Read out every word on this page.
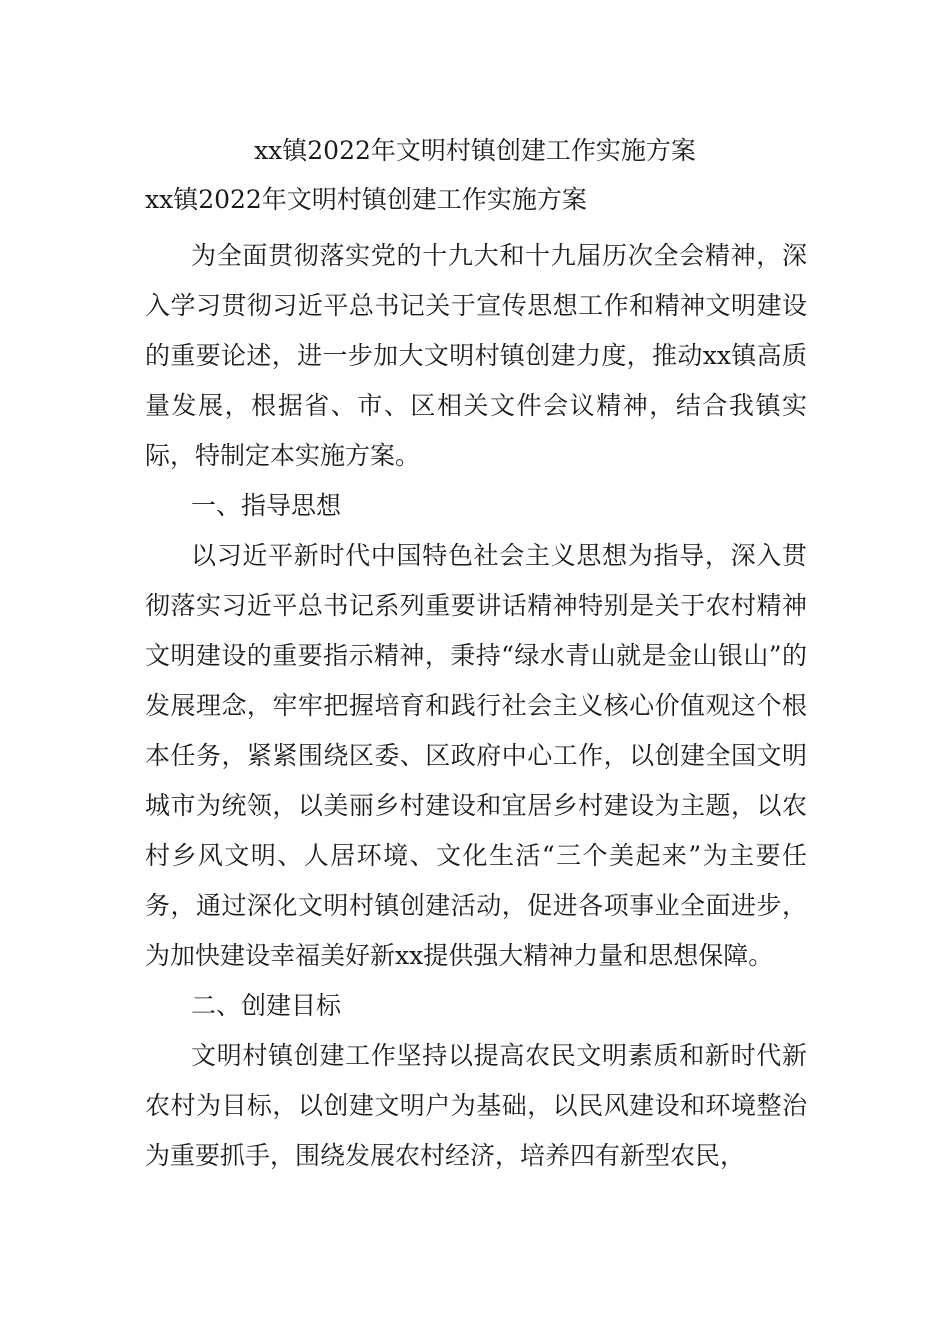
xx镇2022年文明村镇创建工作实施方案
xx镇2022年文明村镇创建工作实施方案

为全面贯彻落实党的十九大和十九届历次全会精神，深入学习贯彻习近平总书记关于宣传思想工作和精神文明建设的重要论述，进一步加大文明村镇创建力度，推动xx镇高质量发展，根据省、市、区相关文件会议精神，结合我镇实际，特制定本实施方案。

一、指导思想

以习近平新时代中国特色社会主义思想为指导，深入贯彻落实习近平总书记系列重要讲话精神特别是关于农村精神文明建设的重要指示精神，秉持“绿水青山就是金山银山”的发展理念，牢牢把握培育和践行社会主义核心价值观这个根本任务，紧紧围绕区委、区政府中心工作，以创建全国文明城市为统领，以美丽乡村建设和宜居乡村建设为主题，以农村乡风文明、人居环境、文化生活“三个美起来”为主要任务，通过深化文明村镇创建活动，促进各项事业全面进步，为加快建设幸福美好新xx提供强大精神力量和思想保障。

二、创建目标

文明村镇创建工作坚持以提高农民文明素质和新时代新农村为目标，以创建文明户为基础，以民风建设和环境整治为重要抓手，围绕发展农村经济，培养四有新型农民，
